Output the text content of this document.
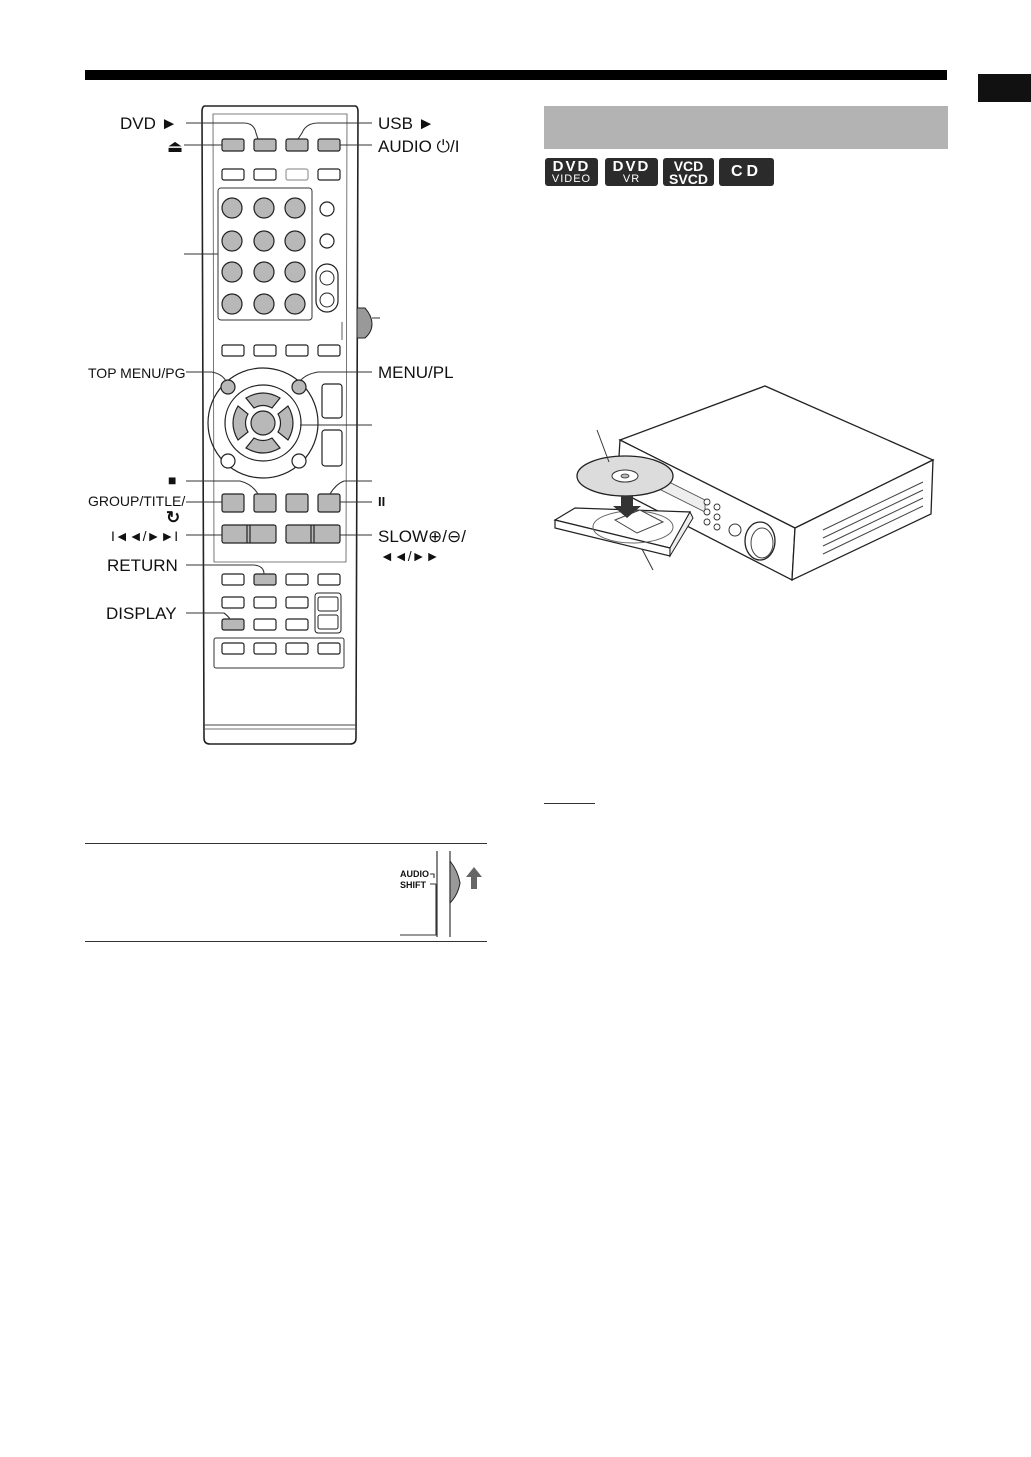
DVD ►	USB ►
⏏	AUDIO ⏻/I
TOP MENU/PG	MENU/PL
■
GROUP/TITLE/
↻
II
I◄◄/►►I	SLOW⊕/⊖/
◄◄/►►
RETURN
DISPLAY
AUDIO
SHIFT
DVD
VIDEO
DVD
VR
VCD
SVCD	CD
